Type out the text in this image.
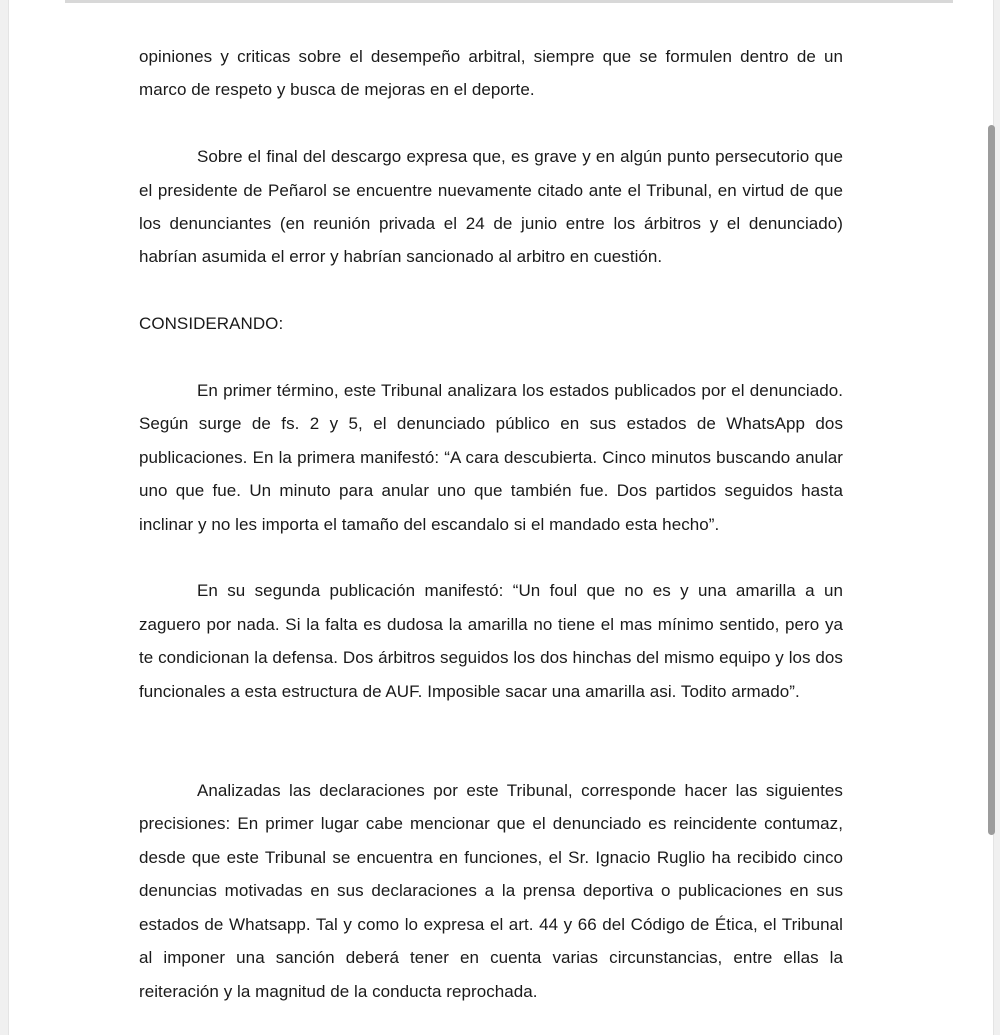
opiniones y criticas sobre el desempeño arbitral, siempre que se formulen dentro de un marco de respeto y busca de mejoras en el deporte.

Sobre el final del descargo expresa que, es grave y en algún punto persecutorio que el presidente de Peñarol se encuentre nuevamente citado ante el Tribunal, en virtud de que los denunciantes (en reunión privada el 24 de junio entre los árbitros y el denunciado) habrían asumida el error y habrían sancionado al arbitro en cuestión.

CONSIDERANDO:

En primer término, este Tribunal analizara los estados publicados por el denunciado. Según surge de fs. 2 y 5, el denunciado público en sus estados de WhatsApp dos publicaciones. En la primera manifestó: “A cara descubierta. Cinco minutos buscando anular uno que fue. Un minuto para anular uno que también fue. Dos partidos seguidos hasta inclinar y no les importa el tamaño del escandalo si el mandado esta hecho”.

En su segunda publicación manifestó: “Un foul que no es y una amarilla a un zaguero por nada. Si la falta es dudosa la amarilla no tiene el mas mínimo sentido, pero ya te condicionan la defensa. Dos árbitros seguidos los dos hinchas del mismo equipo y los dos funcionales a esta estructura de AUF. Imposible sacar una amarilla asi. Todito armado”.

Analizadas las declaraciones por este Tribunal, corresponde hacer las siguientes precisiones: En primer lugar cabe mencionar que el denunciado es reincidente contumaz, desde que este Tribunal se encuentra en funciones, el Sr. Ignacio Ruglio ha recibido cinco denuncias motivadas en sus declaraciones a la prensa deportiva o publicaciones en sus estados de Whatsapp. Tal y como lo expresa el art. 44 y 66 del Código de Ética, el Tribunal al imponer una sanción deberá tener en cuenta varias circunstancias, entre ellas la reiteración y la magnitud de la conducta reprochada.
